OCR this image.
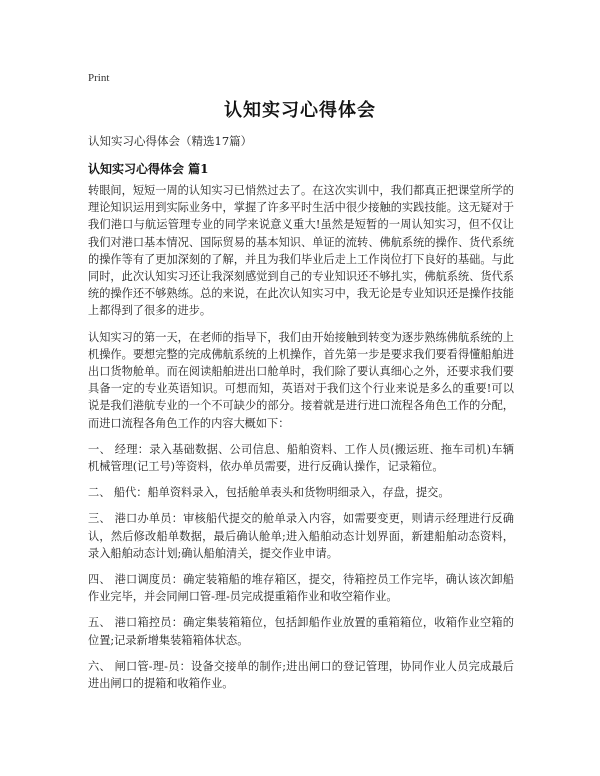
Print
认知实习心得体会
认知实习心得体会（精选17篇）
认知实习心得体会 篇1

转眼间，短短一周的认知实习已悄然过去了。在这次实训中，我们都真正把课堂所学的理论知识运用到实际业务中，掌握了许多平时生活中很少接触的实践技能。这无疑对于我们港口与航运管理专业的同学来说意义重大!虽然是短暂的一周认知实习，但不仅让我们对港口基本情况、国际贸易的基本知识、单证的流转、佛航系统的操作、货代系统的操作等有了更加深刻的了解，并且为我们毕业后走上工作岗位打下良好的基础。与此同时，此次认知实习还让我深刻感觉到自己的专业知识还不够扎实，佛航系统、货代系统的操作还不够熟练。总的来说，在此次认知实习中，我无论是专业知识还是操作技能上都得到了很多的进步。

认知实习的第一天，在老师的指导下，我们由开始接触到转变为逐步熟练佛航系统的上机操作。要想完整的完成佛航系统的上机操作，首先第一步是要求我们要看得懂船舶进出口货物舱单。而在阅读船舶进出口舱单时，我们除了要认真细心之外，还要求我们要具备一定的专业英语知识。可想而知，英语对于我们这个行业来说是多么的重要!可以说是我们港航专业的一个不可缺少的部分。接着就是进行进口流程各角色工作的分配，而进口流程各角色工作的内容大概如下：

一、 经理：录入基础数据、公司信息、船舶资料、工作人员(搬运班、拖车司机)车辆机械管理(记工号)等资料，依办单员需要，进行反确认操作，记录箱位。

二、 船代：船单资料录入，包括舱单表头和货物明细录入，存盘，提交。

三、 港口办单员：审核船代提交的舱单录入内容，如需要变更，则请示经理进行反确认，然后修改船单数据，最后确认舱单;进入船舶动态计划界面，新建船舶动态资料，录入船舶动态计划;确认船舶清关，提交作业申请。

四、 港口调度员：确定装箱船的堆存箱区，提交，待箱控员工作完毕，确认该次卸船作业完毕，并会同闸口管-理-员完成提重箱作业和收空箱作业。

五、 港口箱控员：确定集装箱箱位，包括卸船作业放置的重箱箱位，收箱作业空箱的位置;记录新增集装箱箱体状态。

六、 闸口管-理-员：设备交接单的制作;进出闸口的登记管理，协同作业人员完成最后进出闸口的提箱和收箱作业。
